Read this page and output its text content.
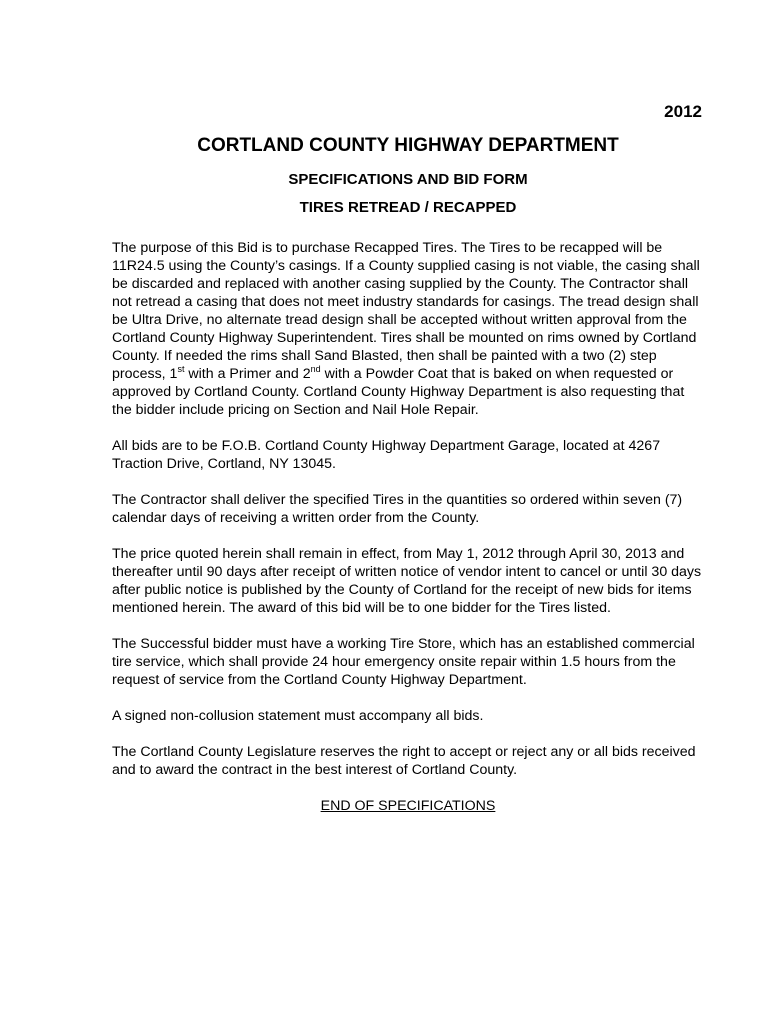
2012
CORTLAND COUNTY HIGHWAY DEPARTMENT
SPECIFICATIONS AND BID FORM
TIRES RETREAD / RECAPPED

The purpose of this Bid is to purchase Recapped Tires. The Tires to be recapped will be 11R24.5 using the County’s casings. If a County supplied casing is not viable, the casing shall be discarded and replaced with another casing supplied by the County. The Contractor shall not retread a casing that does not meet industry standards for casings. The tread design shall be Ultra Drive, no alternate tread design shall be accepted without written approval from the Cortland County Highway Superintendent. Tires shall be mounted on rims owned by Cortland County. If needed the rims shall Sand Blasted, then shall be painted with a two (2) step process, 1st with a Primer and 2nd with a Powder Coat that is baked on when requested or approved by Cortland County. Cortland County Highway Department is also requesting that the bidder include pricing on Section and Nail Hole Repair.

All bids are to be F.O.B. Cortland County Highway Department Garage, located at 4267 Traction Drive, Cortland, NY 13045.

The Contractor shall deliver the specified Tires in the quantities so ordered within seven (7) calendar days of receiving a written order from the County.

The price quoted herein shall remain in effect, from May 1, 2012 through April 30, 2013 and thereafter until 90 days after receipt of written notice of vendor intent to cancel or until 30 days after public notice is published by the County of Cortland for the receipt of new bids for items mentioned herein. The award of this bid will be to one bidder for the Tires listed.

The Successful bidder must have a working Tire Store, which has an established commercial tire service, which shall provide 24 hour emergency onsite repair within 1.5 hours from the request of service from the Cortland County Highway Department.

A signed non-collusion statement must accompany all bids.

The Cortland County Legislature reserves the right to accept or reject any or all bids received and to award the contract in the best interest of Cortland County.

END OF SPECIFICATIONS
